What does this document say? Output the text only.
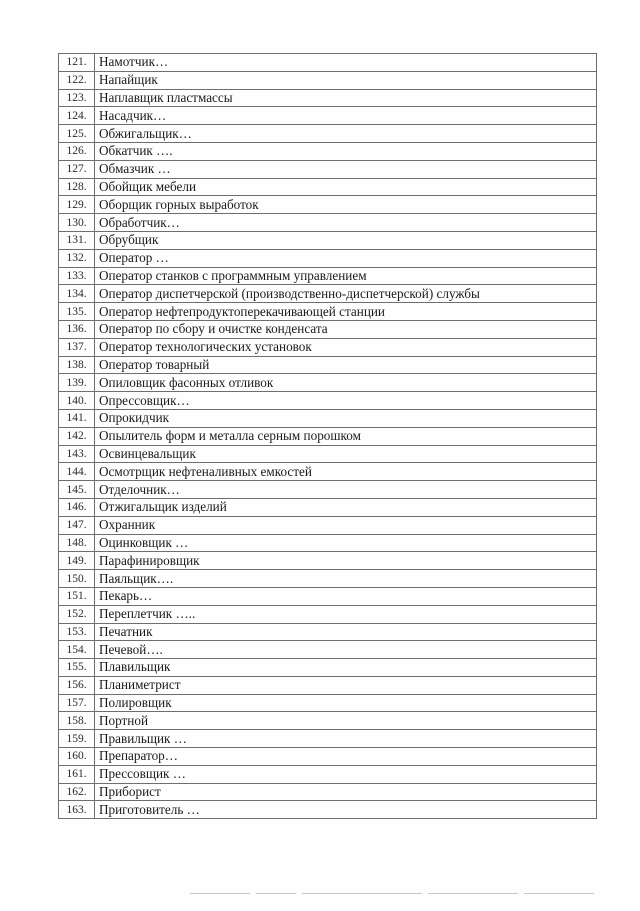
121.	Намотчик…
122.	Напайщик
123.	Наплавщик пластмассы
124.	Насадчик…
125.	Обжигальщик…
126.	Обкатчик ….
127.	Обмазчик …
128.	Обойщик мебели
129.	Оборщик горных выработок
130.	Обработчик…
131.	Обрубщик
132.	Оператор …
133.	Оператор станков с программным управлением
134.	Оператор диспетчерской (производственно-диспетчерской) службы
135.	Оператор нефтепродуктоперекачивающей станции
136.	Оператор по сбору и очистке конденсата
137.	Оператор технологических установок
138.	Оператор товарный
139.	Опиловщик фасонных отливок
140.	Опрессовщик…
141.	Опрокидчик
142.	Опылитель форм и металла серным порошком
143.	Освинцевальщик
144.	Осмотрщик нефтеналивных емкостей
145.	Отделочник…
146.	Отжигальщик изделий
147.	Охранник
148.	Оцинковщик …
149.	Парафинировщик
150.	Паяльщик….
151.	Пекарь…
152.	Переплетчик …..
153.	Печатник
154.	Печевой….
155.	Плавильщик
156.	Планиметрист
157.	Полировщик
158.	Портной
159.	Правильщик …
160.	Препаратор…
161.	Прессовщик …
162.	Приборист
163.	Приготовитель …
